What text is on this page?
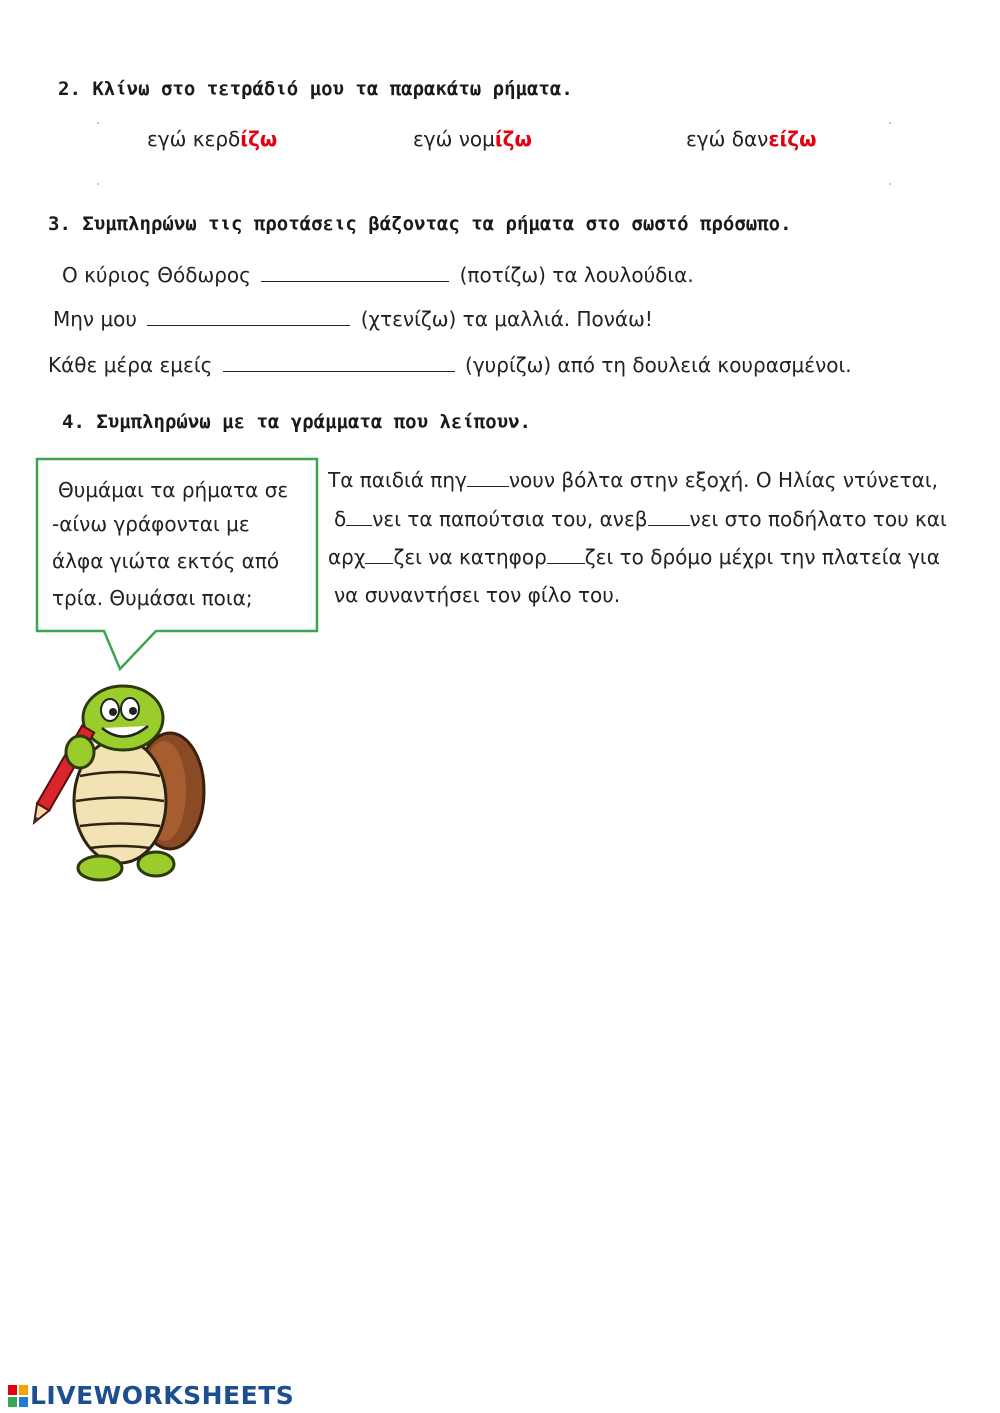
2. Κλίνω στο τετράδιό μου τα παρακάτω ρήματα.
εγώ κερδίζω	εγώ νομίζω	εγώ δανείζω
3. Συμπληρώνω τις προτάσεις βάζοντας τα ρήματα στο σωστό πρόσωπο.
Ο κύριος Θόδωρος	(ποτίζω) τα λουλούδια.
Μην μου	(χτενίζω) τα μαλλιά. Πονάω!
Κάθε μέρα εμείς	(γυρίζω) από τη δουλειά κουρασμένοι.
4. Συμπληρώνω με τα γράμματα που λείπουν.
Θυμάμαι τα ρήματα σε
-αίνω γράφονται με
άλφα γιώτα εκτός από
τρία. Θυμάσαι ποια;
Τα παιδιά πηγ νουν βόλτα στην εξοχή. Ο Ηλίας ντύνεται,
δ νει τα παπούτσια του, ανεβ νει στο ποδήλατο του και
αρχ ζει να κατηφορ ζει το δρόμο μέχρι την πλατεία για
να συναντήσει τον φίλο του.
LIVEWORKSHEETS
